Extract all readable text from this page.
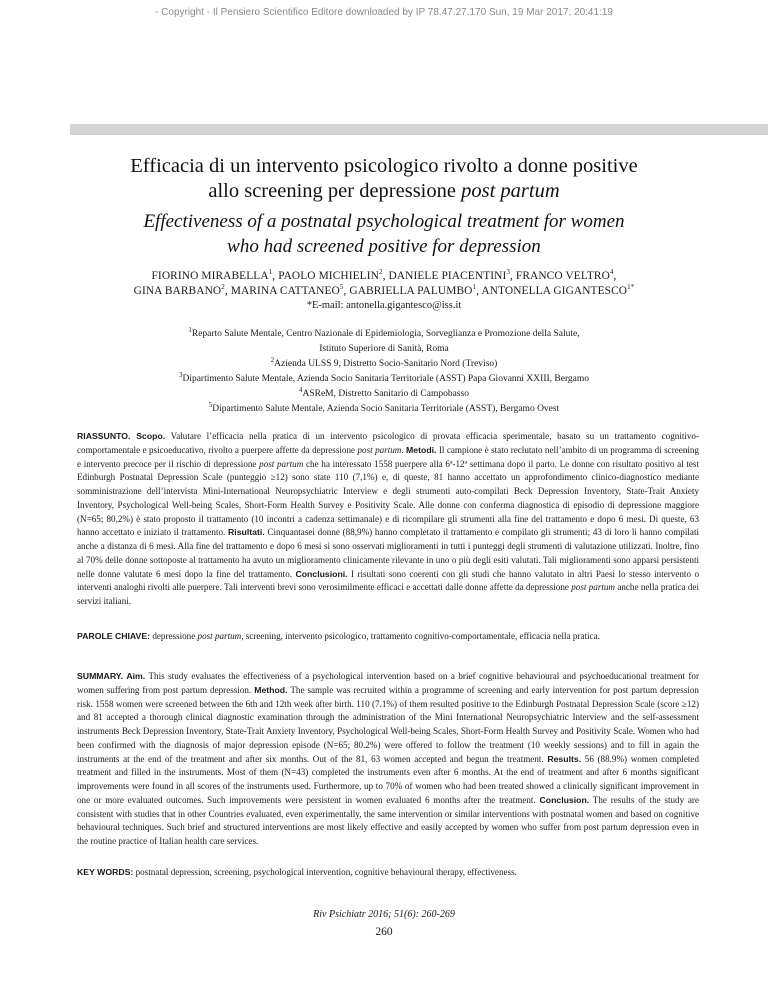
- Copyright - Il Pensiero Scientifico Editore downloaded by IP 78.47.27.170 Sun, 19 Mar 2017, 20:41:19
Efficacia di un intervento psicologico rivolto a donne positive
allo screening per depressione post partum
Effectiveness of a postnatal psychological treatment for women
who had screened positive for depression
FIORINO MIRABELLA$^1$, PAOLO MICHIELIN$^2$, DANIELE PIACENTINI$^3$, FRANCO VELTRO$^4$,
GINA BARBANO$^2$, MARINA CATTANEO$^5$, GABRIELLA PALUMBO$^1$, ANTONELLA $GIGANTESCO^{1*}$
*E-mail: antonella.gigantesco@iss.it
$^1$Reparto Salute Mentale, Centro Nazionale di Epidemiologia, Sorveglianza e Promozione della Salute,
Istituto Superiore di Sanità, Roma
$^2$Azienda ULSS 9, Distretto Socio-Sanitario Nord (Treviso)
$^3$Dipartimento Salute Mentale, Azienda Socio Sanitaria Territoriale (ASST) Papa Giovanni XXIII, Bergamo
$^4$ASReM, Distretto Sanitario di Campobasso
$^5$Dipartimento Salute Mentale, Azienda Socio Sanitaria Territoriale (ASST), Bergamo Ovest
RIASSUNTO. Scopo. Valutare l’efficacia nella pratica di un intervento psicologico di provata efficacia sperimentale, basato su un trattamento cognitivo-comportamentale e psicoeducativo, rivolto a puerpere affette da depressione post partum. Metodi. Il campione è stato reclutato nell’ambito di un programma di screening e intervento precoce per il rischio di depressione post partum che ha interessato 1558 puerpere alla 6ª-12ª settimana dopo il parto. Le donne con risultato positivo al test Edinburgh Postnatal Depression Scale (punteggio ≥12) sono state 110 (7,1%) e, di queste, 81 hanno accettato un approfondimento clinico-diagnostico mediante somministrazione dell’intervista Mini-International Neuropsychiatric Interview e degli strumenti auto-compilati Beck Depression Inventory, State-Trait Anxiety Inventory, Psychological Well-being Scales, Short-Form Health Survey e Positivity Scale. Alle donne con conferma diagnostica di episodio di depressione maggiore (N=65; 80,2%) è stato proposto il trattamento (10 incontri a cadenza settimanale) e di ricompilare gli strumenti alla fine del trattamento e dopo 6 mesi. Di queste, 63 hanno accettato e iniziato il trattamento. Risultati. Cinquantasei donne (88,9%) hanno completato il trattamento e compilato gli strumenti; 43 di loro li hanno compilati anche a distanza di 6 mesi. Alla fine del trattamento e dopo 6 mesi si sono osservati miglioramenti in tutti i punteggi degli strumenti di valutazione utilizzati. Inoltre, fino al 70% delle donne sottoposte al trattamento ha avuto un miglioramento clinicamente rilevante in uno o più degli esiti valutati. Tali miglioramenti sono apparsi persistenti nelle donne valutate 6 mesi dopo la fine del trattamento. Conclusioni. I risultati sono coerenti con gli studi che hanno valutato in altri Paesi lo stesso intervento o interventi analoghi rivolti alle puerpere. Tali interventi brevi sono verosimilmente efficaci e accettati dalle donne affette da depressione post partum anche nella pratica dei servizi italiani.
PAROLE CHIAVE: depressione post partum, screening, intervento psicologico, trattamento cognitivo-comportamentale, efficacia nella pratica.
SUMMARY. Aim. This study evaluates the effectiveness of a psychological intervention based on a brief cognitive behavioural and psychoeducational treatment for women suffering from post partum depression. Method. The sample was recruited within a programme of screening and early intervention for post partum depression risk. 1558 women were screened between the 6th and 12th week after birth. 110 (7.1%) of them resulted positive to the Edinburgh Postnatal Depression Scale (score ≥12) and 81 accepted a thorough clinical diagnostic examination through the administration of the Mini International Neuropsychiatric Interview and the self-assessment instruments Beck Depression Inventory, State-Trait Anxiety Inventory, Psychological Well-being Scales, Short-Form Health Survey and Positivity Scale. Women who had been confirmed with the diagnosis of major depression episode (N=65; 80.2%) were offered to follow the treatment (10 weekly sessions) and to fill in again the instruments at the end of the treatment and after six months. Out of the 81, 63 women accepted and begun the treatment. Results. 56 (88.9%) women completed treatment and filled in the instruments. Most of them (N=43) completed the instruments even after 6 months. At the end of treatment and after 6 months significant improvements were found in all scores of the instruments used. Furthermore, up to 70% of women who had been treated showed a clinically significant improvement in one or more evaluated outcomes. Such improvements were persistent in women evaluated 6 months after the treatment. Conclusion. The results of the study are consistent with studies that in other Countries evaluated, even experimentally, the same intervention or similar interventions with postnatal women and based on cognitive behavioural techniques. Such brief and structured interventions are most likely effective and easily accepted by women who suffer from post partum depression even in the routine practice of Italian health care services.
KEY WORDS: postnatal depression, screening, psychological intervention, cognitive behavioural therapy, effectiveness.
Riv Psichiatr 2016; 51(6): 260-269
260
